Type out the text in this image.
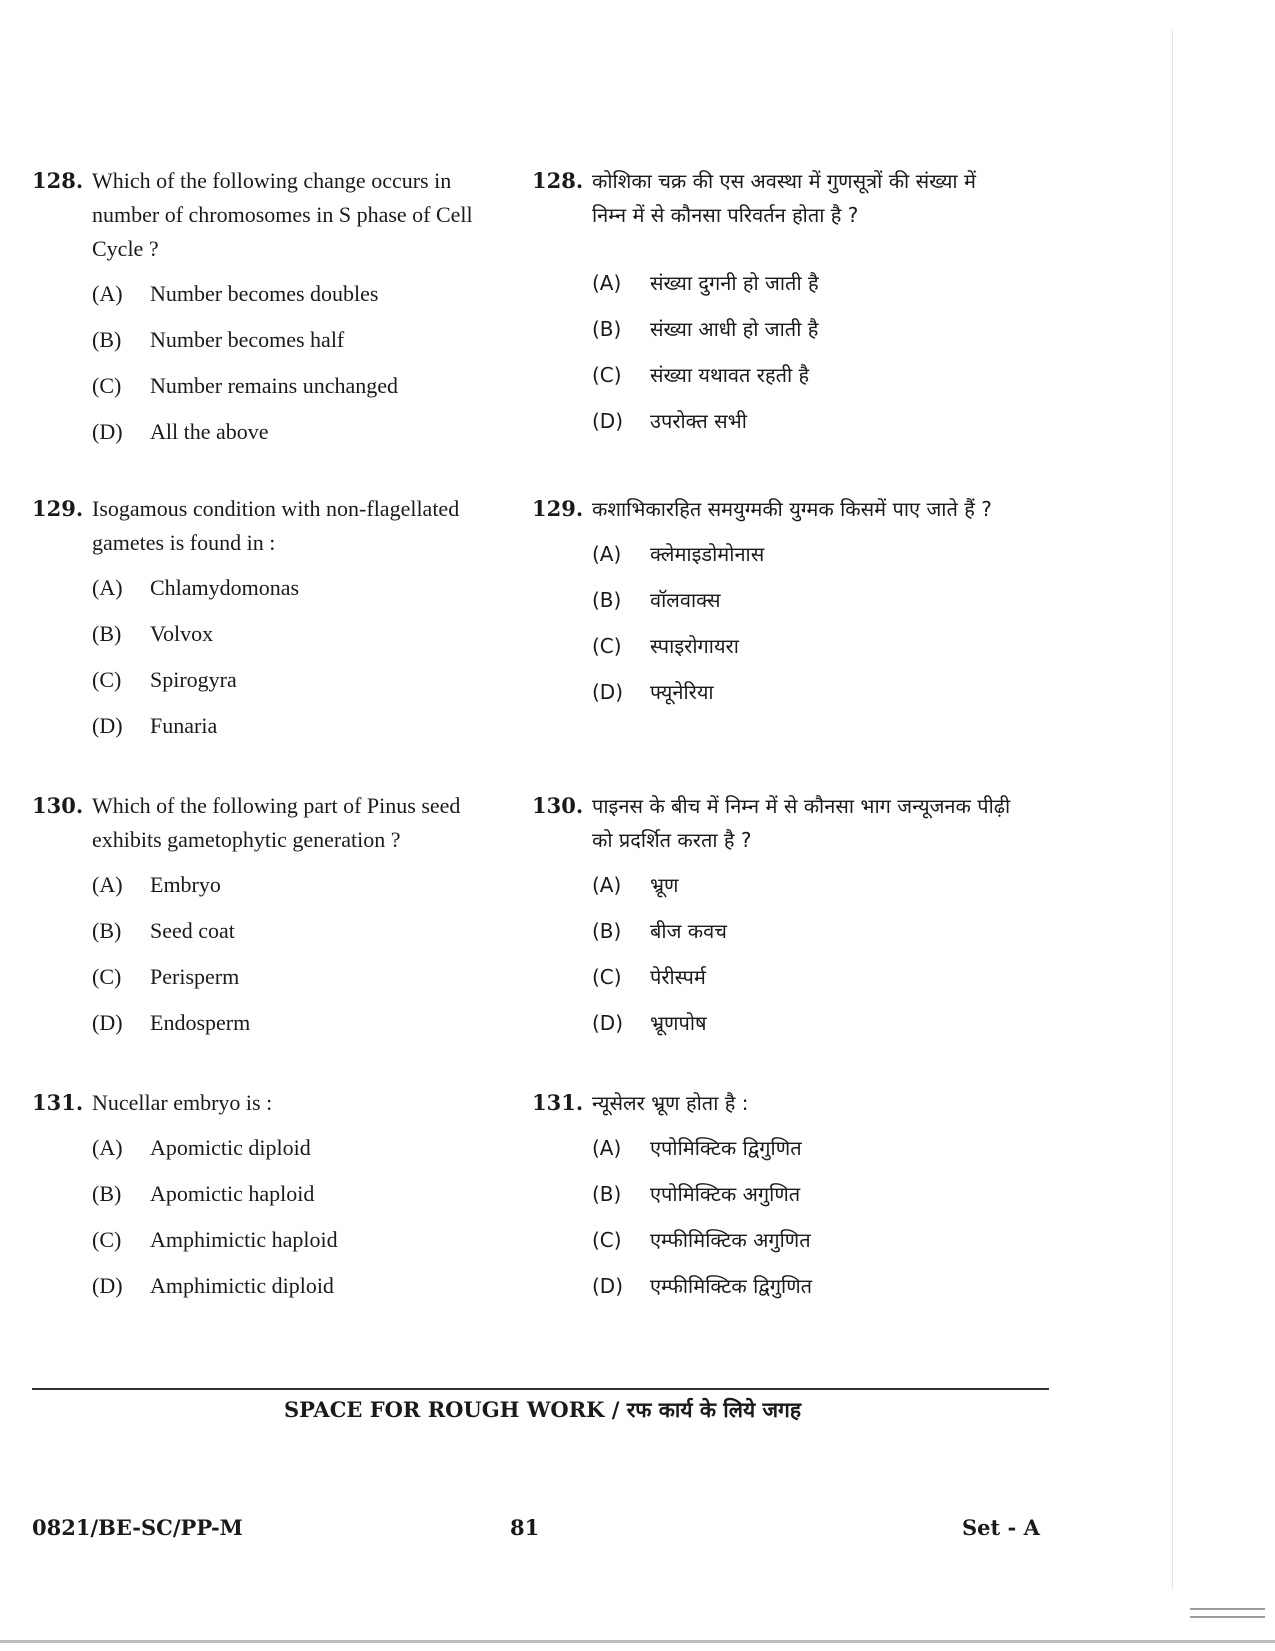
128. Which of the following change occurs in number of chromosomes in S phase of Cell Cycle ?
(A)	Number becomes doubles
(B)	Number becomes half
(C)	Number remains unchanged
(D)	All the above
128. कोशिका चक्र की एस अवस्था में गुणसूत्रों की संख्या में निम्न में से कौनसा परिवर्तन होता है ?
(A)	संख्या दुगनी हो जाती है
(B)	संख्या आधी हो जाती है
(C)	संख्या यथावत रहती है
(D)	उपरोक्त सभी
129. Isogamous condition with non-flagellated gametes is found in :
(A)	Chlamydomonas
(B)	Volvox
(C)	Spirogyra
(D)	Funaria
129. कशाभिकारहित समयुग्मकी युग्मक किसमें पाए जाते हैं ?
(A)	क्लेमाइडोमोनास
(B)	वॉलवाक्स
(C)	स्पाइरोगायरा
(D)	फ्यूनेरिया
130. Which of the following part of Pinus seed exhibits gametophytic generation ?
(A)	Embryo
(B)	Seed coat
(C)	Perisperm
(D)	Endosperm
130. पाइनस के बीच में निम्न में से कौनसा भाग जन्यूजनक पीढ़ी को प्रदर्शित करता है ?
(A)	भ्रूण
(B)	बीज कवच
(C)	पेरीस्पर्म
(D)	भ्रूणपोष
131. Nucellar embryo is :
(A)	Apomictic diploid
(B)	Apomictic haploid
(C)	Amphimictic haploid
(D)	Amphimictic diploid
131. न्यूसेलर भ्रूण होता है :
(A)	एपोमिक्टिक द्विगुणित
(B)	एपोमिक्टिक अगुणित
(C)	एम्फीमिक्टिक अगुणित
(D)	एम्फीमिक्टिक द्विगुणित
SPACE FOR ROUGH WORK / रफ कार्य के लिये जगह
0821/BE-SC/PP-M	81	Set - A
